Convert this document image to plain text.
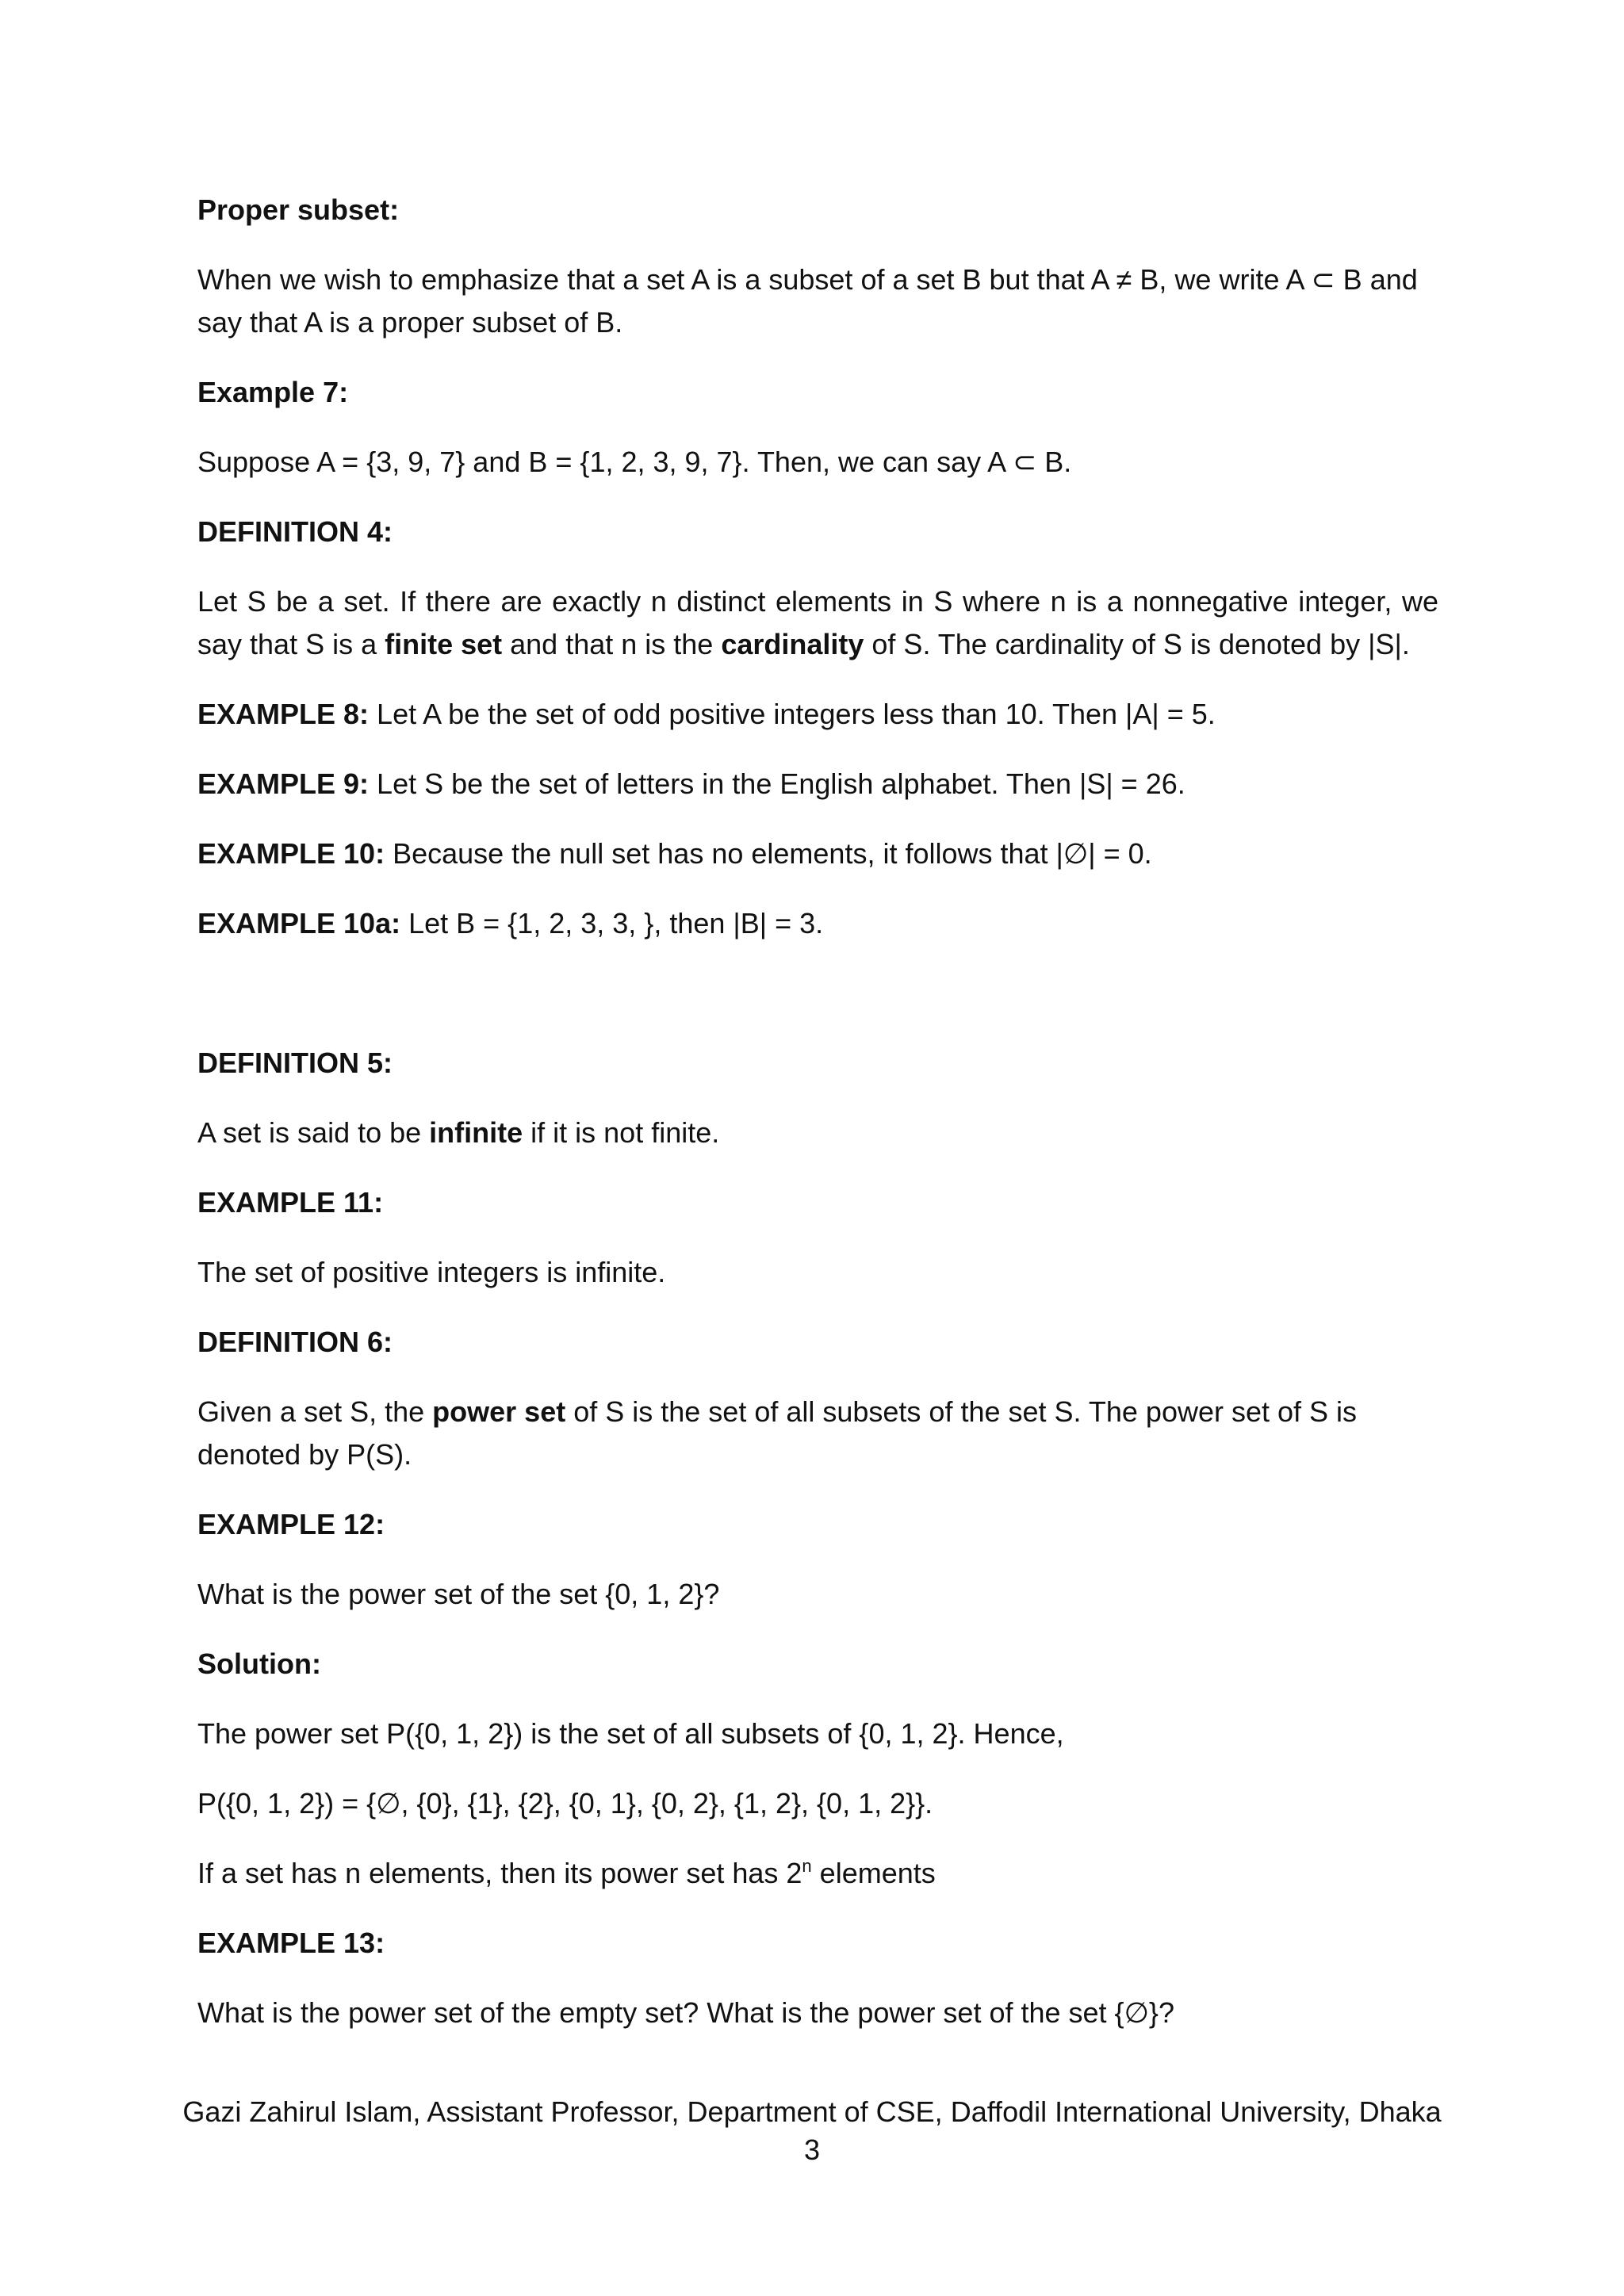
Proper subset:
When we wish to emphasize that a set A is a subset of a set B but that A ≠ B, we write A ⊂ B and say that A is a proper subset of B.
Example 7:
Suppose A = {3, 9, 7} and B = {1, 2, 3, 9, 7}. Then, we can say A ⊂ B.
DEFINITION 4:
Let S be a set. If there are exactly n distinct elements in S where n is a nonnegative integer, we say that S is a finite set and that n is the cardinality of S. The cardinality of S is denoted by |S|.
EXAMPLE 8: Let A be the set of odd positive integers less than 10. Then |A| = 5.
EXAMPLE 9: Let S be the set of letters in the English alphabet. Then |S| = 26.
EXAMPLE 10: Because the null set has no elements, it follows that |∅| = 0.
EXAMPLE 10a: Let B = {1, 2, 3, 3, }, then |B| = 3.
DEFINITION 5:
A set is said to be infinite if it is not finite.
EXAMPLE 11:
The set of positive integers is infinite.
DEFINITION 6:
Given a set S, the power set of S is the set of all subsets of the set S. The power set of S is denoted by P(S).
EXAMPLE 12:
What is the power set of the set {0, 1, 2}?
Solution:
The power set P({0, 1, 2}) is the set of all subsets of {0, 1, 2}. Hence,
P({0, 1, 2}) = {∅, {0}, {1}, {2}, {0, 1}, {0, 2}, {1, 2}, {0, 1, 2}}.
If a set has n elements, then its power set has 2$^n$ elements
EXAMPLE 13:
What is the power set of the empty set? What is the power set of the set {∅}?
Gazi Zahirul Islam, Assistant Professor, Department of CSE, Daffodil International University, Dhaka
3
